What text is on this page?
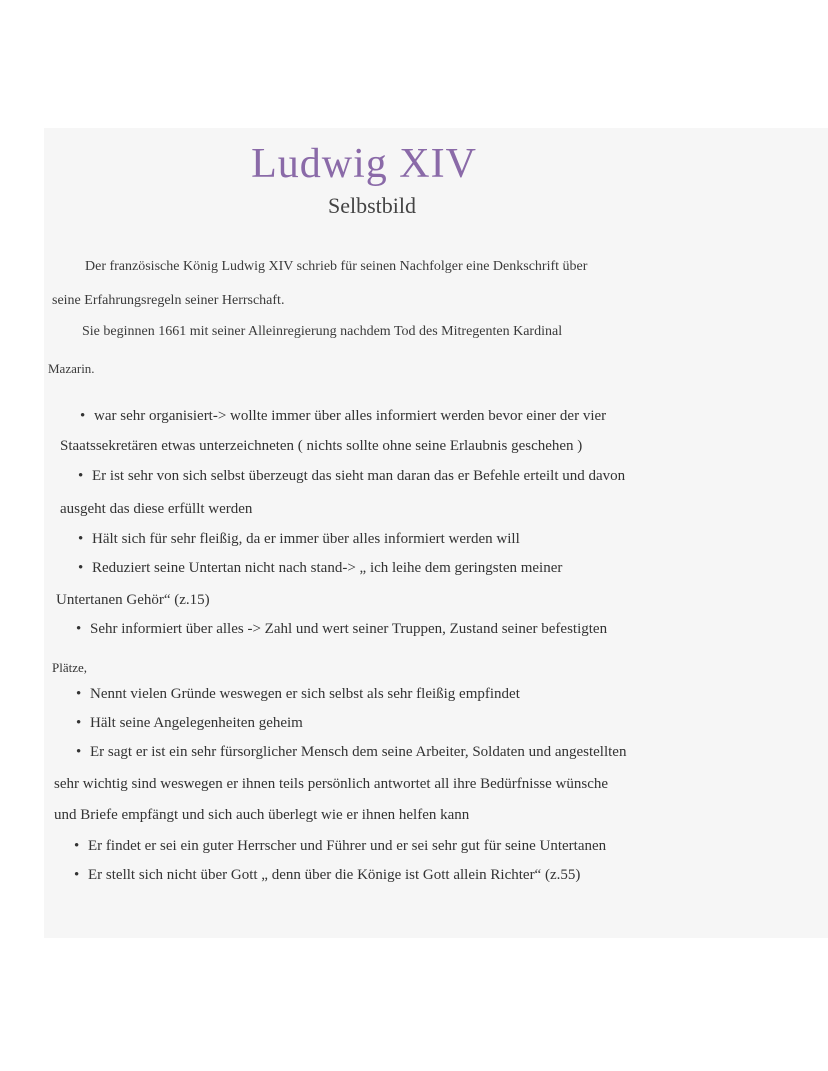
Ludwig XIV
Selbstbild
Der französische König Ludwig XIV schrieb für seinen Nachfolger eine Denkschrift über
seine Erfahrungsregeln seiner Herrschaft.
Sie beginnen 1661 mit seiner Alleinregierung nachdem Tod des Mitregenten Kardinal
Mazarin.
• war sehr organisiert-> wollte immer über alles informiert werden bevor einer der vier
Staatssekretären etwas unterzeichneten ( nichts sollte ohne seine Erlaubnis geschehen )
• Er ist sehr von sich selbst überzeugt das sieht man daran das er Befehle erteilt und davon
ausgeht das diese erfüllt werden
• Hält sich für sehr fleißig, da er immer über alles informiert werden will
• Reduziert seine Untertan nicht nach stand-> „ ich leihe dem geringsten meiner
Untertanen Gehör“ (z.15)
• Sehr informiert über alles -> Zahl und wert seiner Truppen, Zustand seiner befestigten
Plätze,
• Nennt vielen Gründe weswegen er sich selbst als sehr fleißig empfindet
• Hält seine Angelegenheiten geheim
• Er sagt er ist ein sehr fürsorglicher Mensch dem seine Arbeiter, Soldaten und angestellten
sehr wichtig sind weswegen er ihnen teils persönlich antwortet all ihre Bedürfnisse wünsche
und Briefe empfängt und sich auch überlegt wie er ihnen helfen kann
• Er findet er sei ein guter Herrscher und Führer und er sei sehr gut für seine Untertanen
• Er stellt sich nicht über Gott „ denn über die Könige ist Gott allein Richter“ (z.55)
